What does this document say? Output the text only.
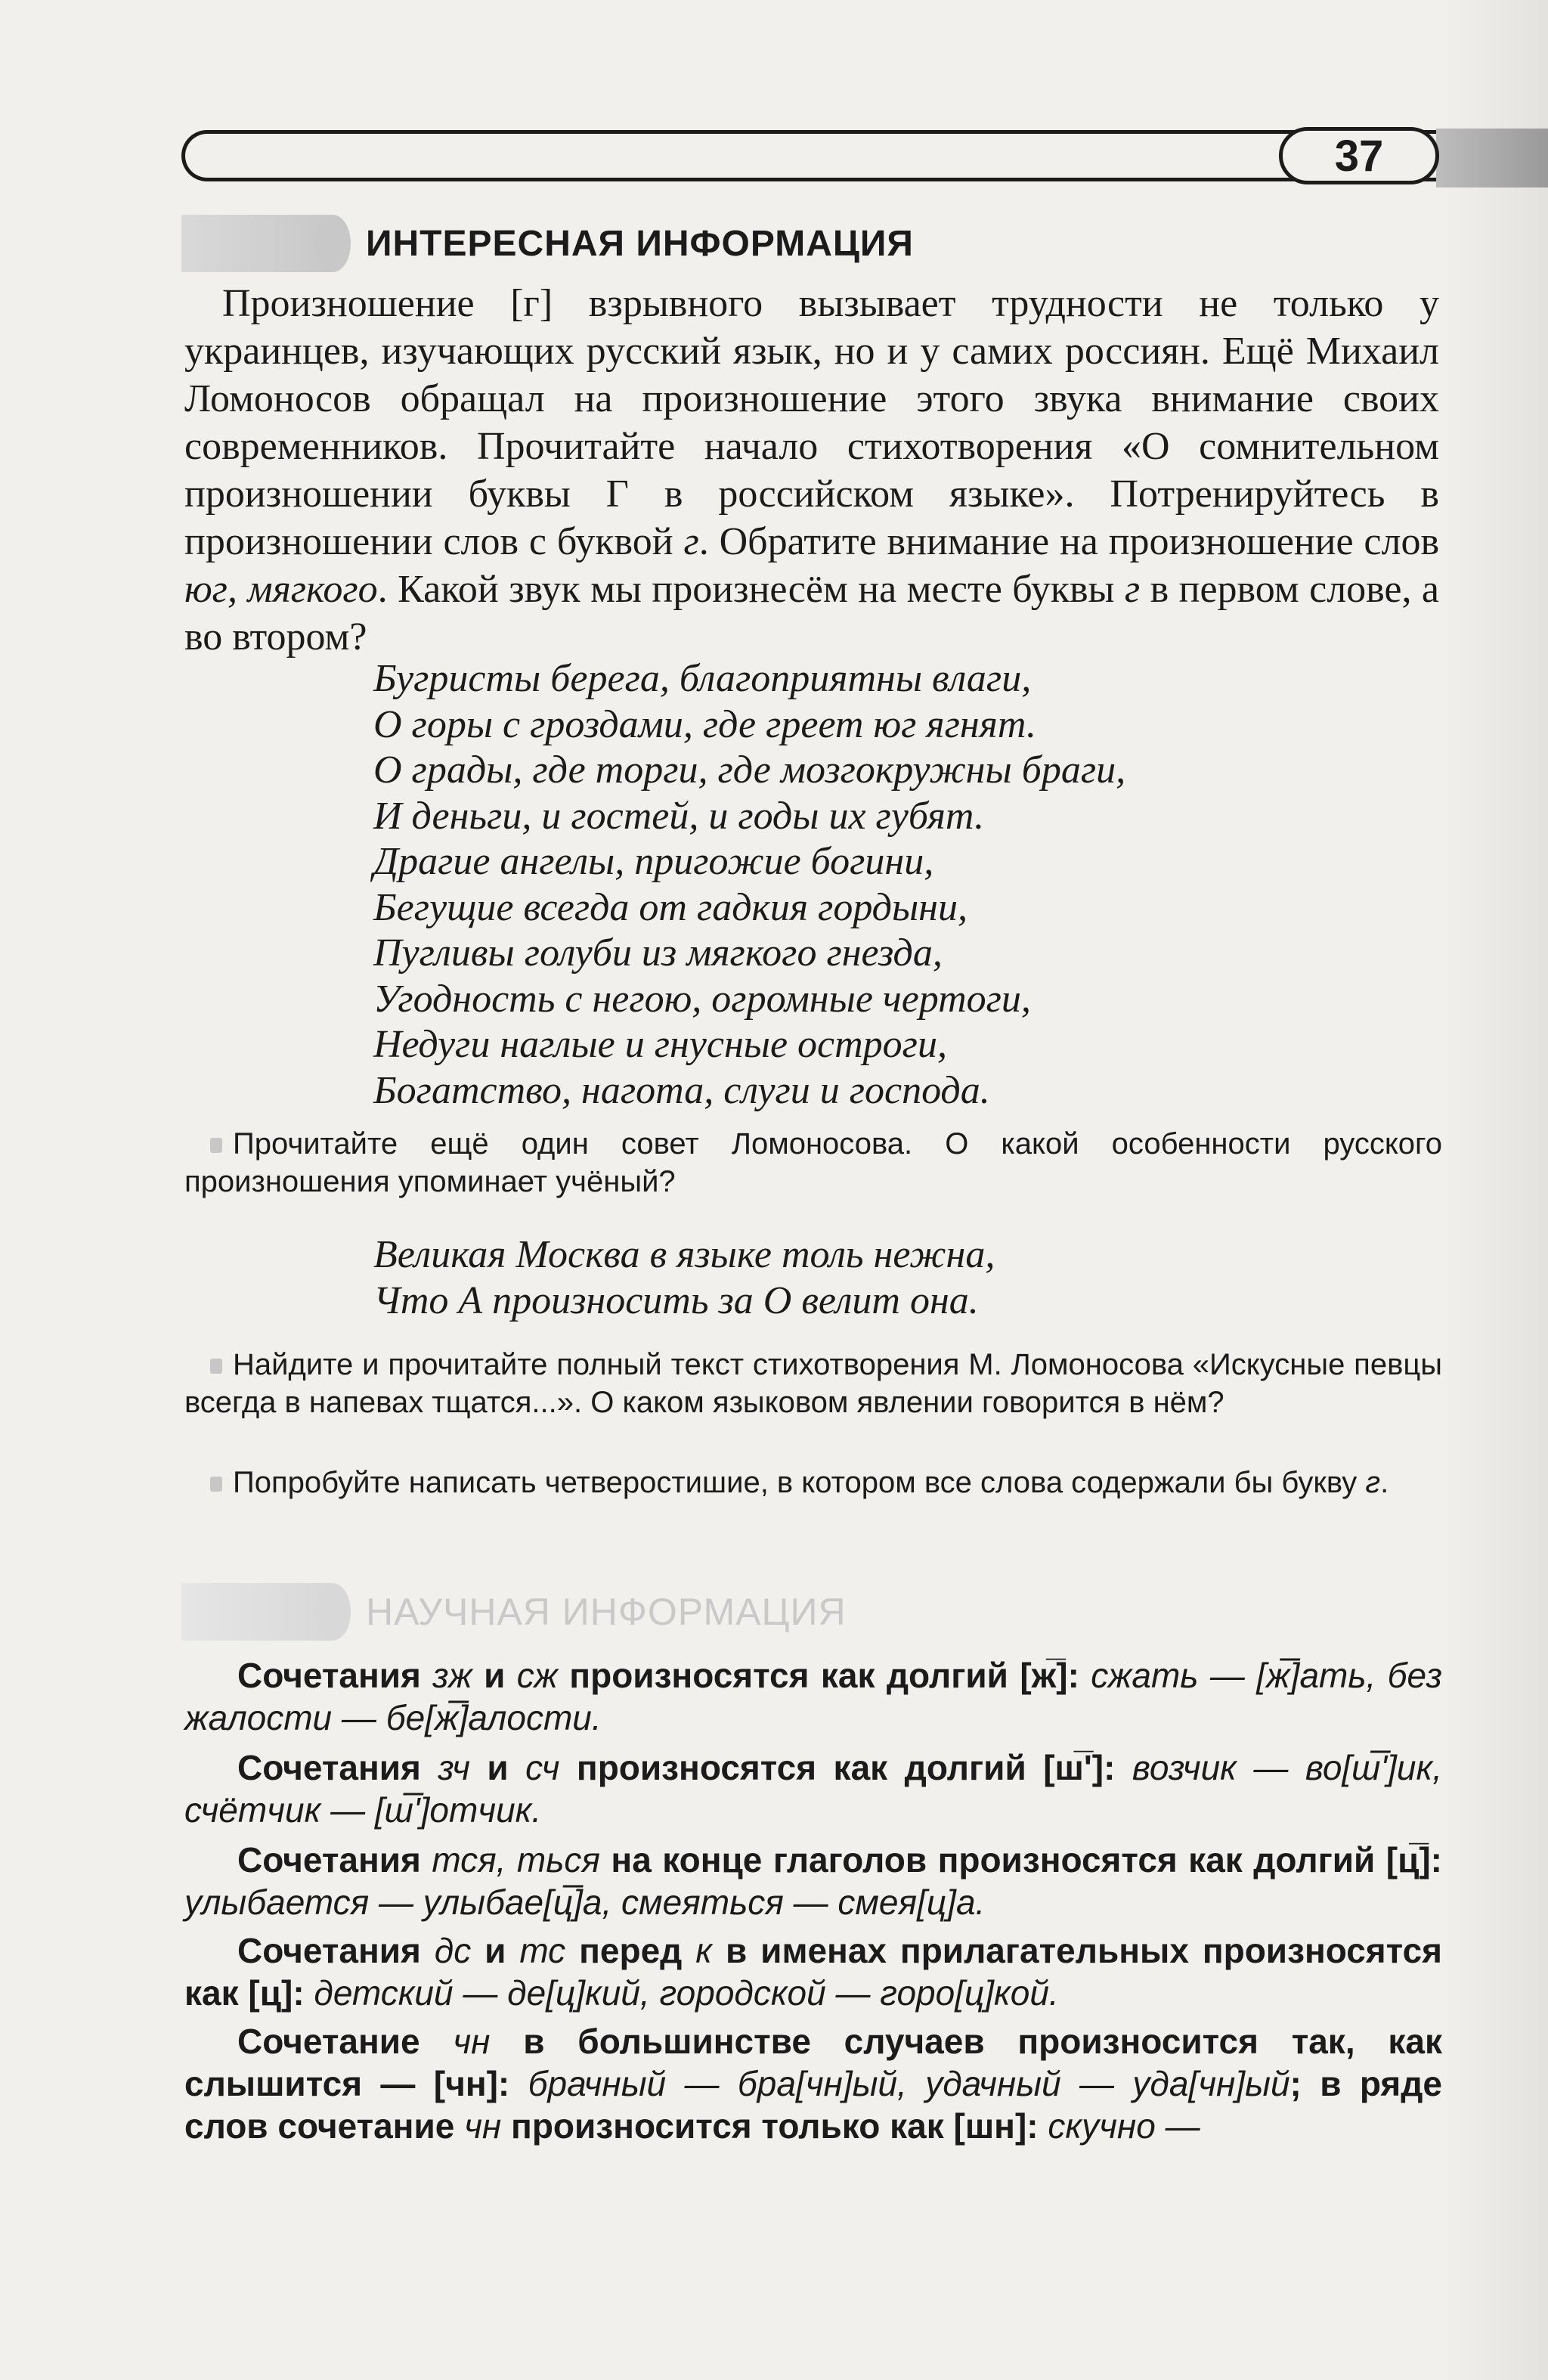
37
ИНТЕРЕСНАЯ ИНФОРМАЦИЯ

Произношение [г] взрывного вызывает трудности не только у украинцев, изучающих русский язык, но и у самих россиян. Ещё Михаил Ломоносов обращал на произношение этого звука внимание своих современников. Прочитайте начало стихотворения «О сомнительном произношении буквы Г в российском языке». Потренируйтесь в произношении слов с буквой г. Обратите внимание на произношение слов юг, мягкого. Какой звук мы произнесём на месте буквы г в первом слове, а во втором?

Бугристы берега, благоприятны влаги,
О горы с гроздами, где греет юг ягнят.
О грады, где торги, где мозгокружны браги,
И деньги, и гостей, и годы их губят.
Драгие ангелы, пригожие богини,
Бегущие всегда от гадкия гордыни,
Пугливы голуби из мягкого гнезда,
Угодность с негою, огромные чертоги,
Недуги наглые и гнусные остроги,
Богатство, нагота, слуги и господа.

Прочитайте ещё один совет Ломоносова. О какой особенности русского произношения упоминает учёный?

Великая Москва в языке толь нежна,
Что А произносить за О велит она.

Найдите и прочитайте полный текст стихотворения М. Ломоносова «Искусные певцы всегда в напевах тщатся...». О каком языковом явлении говорится в нём?

Попробуйте написать четверостишие, в котором все слова содержали бы букву г.

НАУЧНАЯ ИНФОРМАЦИЯ

Сочетания зж и сж произносятся как долгий [ж̅]: сжать — [ж̅]ать, без жалости — бе[ж̅]алости.

Сочетания зч и сч произносятся как долгий [ш̅']: возчик — во[ш̅']ик, счётчик — [ш̅']отчик.

Сочетания тся, ться на конце глаголов произносятся как долгий [ц̅]: улыбается — улыбае[ц̅]а, смеяться — смея[ц]а.

Сочетания дс и тс перед к в именах прилагательных произносятся как [ц]: детский — де[ц]кий, городской — горо[ц]кой.

Сочетание чн в большинстве случаев произносится так, как слышится — [чн]: брачный — бра[чн]ый, удачный — уда[чн]ый; в ряде слов сочетание чн произносится только как [шн]: скучно —
